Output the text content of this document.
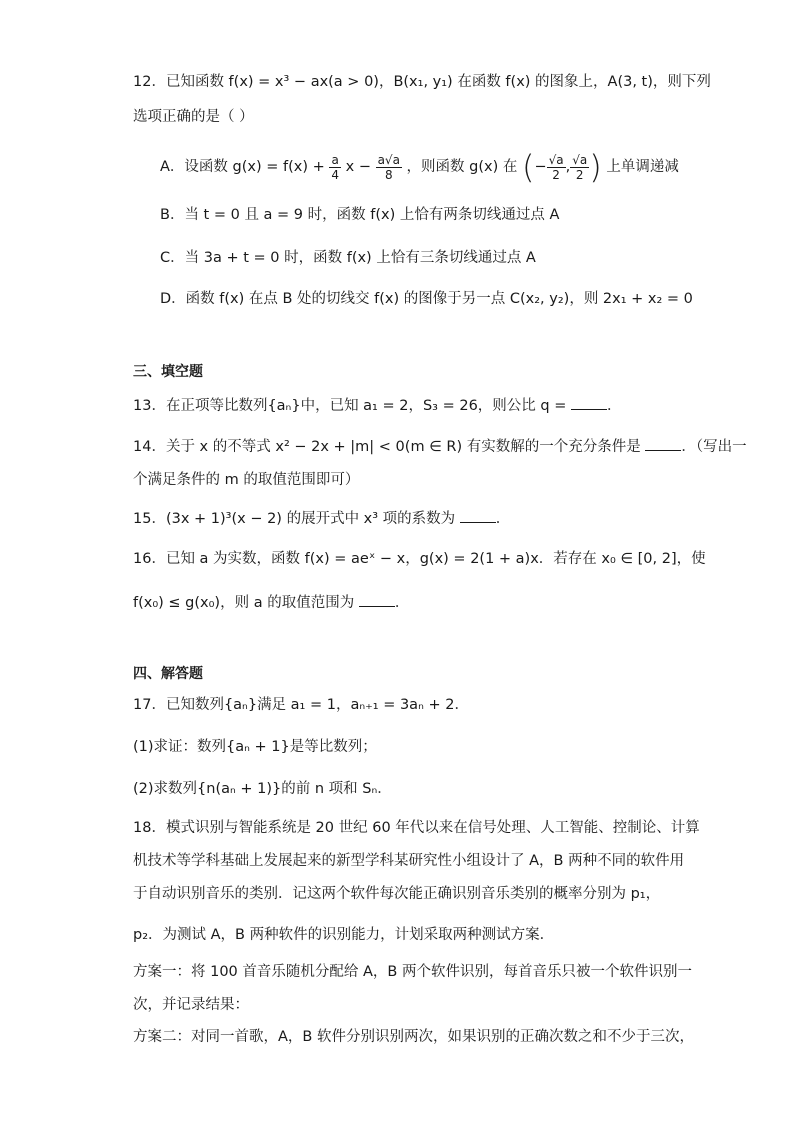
12．已知函数 f(x) = x³ − ax(a > 0)，B(x₁, y₁) 在函数 f(x) 的图象上，A(3, t)，则下列
选项正确的是（ ）
A．设函数 $g(x) = f(x) + \frac{a}{4}$ $x - \frac{a√a}{8}$ ，则函数 g(x) 在 (− $\frac{√a}{2}$ , $\frac{√a}{2}$ ) 上单调递减
B．当 t = 0 且 a = 9 时，函数 f(x) 上恰有两条切线通过点 A
C．当 3a + t = 0 时，函数 f(x) 上恰有三条切线通过点 A
D．函数 f(x) 在点 B 处的切线交 f(x) 的图像于另一点 C(x₂, y₂)，则 2x₁ + x₂ = 0
三、填空题
13．在正项等比数列{aₙ}中，已知 a₁ = 2，S₃ = 26，则公比 q =	．
14．关于 x 的不等式 x² − 2x + |m| < 0(m ∈ R) 有实数解的一个充分条件是	．（写出一
个满足条件的 m 的取值范围即可）
15．(3x + 1)³(x − 2) 的展开式中 x³ 项的系数为	．
16．已知 a 为实数，函数 f(x) = aeˣ − x，g(x) = 2(1 + a)x．若存在 x₀ ∈ [0, 2]，使
f(x₀) ≤ g(x₀)，则 a 的取值范围为	．
四、解答题
17．已知数列{aₙ}满足 a₁ = 1，aₙ₊₁ = 3aₙ + 2．
(1)求证：数列{aₙ + 1}是等比数列；
(2)求数列{n(aₙ + 1)}的前 n 项和 Sₙ．
18．模式识别与智能系统是 20 世纪 60 年代以来在信号处理、人工智能、控制论、计算
机技术等学科基础上发展起来的新型学科某研究性小组设计了 A，B 两种不同的软件用
于自动识别音乐的类别．记这两个软件每次能正确识别音乐类别的概率分别为 p₁，
p₂．为测试 A，B 两种软件的识别能力，计划采取两种测试方案．
方案一：将 100 首音乐随机分配给 A，B 两个软件识别，每首音乐只被一个软件识别一
次，并记录结果：
方案二：对同一首歌，A，B 软件分别识别两次，如果识别的正确次数之和不少于三次，
